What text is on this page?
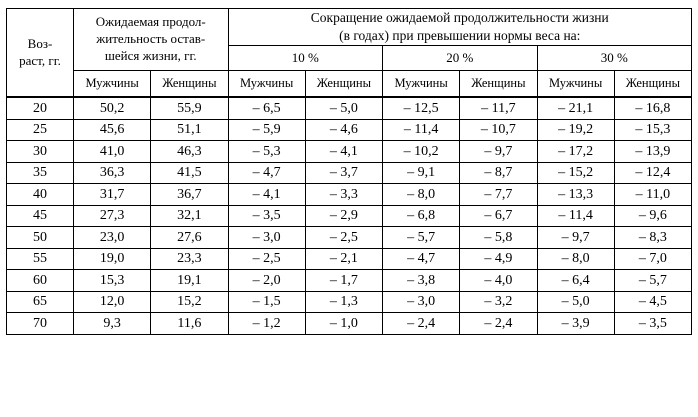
Воз-
раст, гг.	Ожидаемая продол-
жительность остав-
шейся жизни, гг.		Сокращение ожидаемой продолжительности жизни
(в годах) при превышении нормы веса на:					
			10 %		20 %		30 %	
	Мужчины	Женщины	Мужчины	Женщины	Мужчины	Женщины	Мужчины	Женщины
20	50,2	55,9	– 6,5	– 5,0	– 12,5	– 11,7	– 21,1	– 16,8
25	45,6	51,1	– 5,9	– 4,6	– 11,4	– 10,7	– 19,2	– 15,3
30	41,0	46,3	– 5,3	– 4,1	– 10,2	– 9,7	– 17,2	– 13,9
35	36,3	41,5	– 4,7	– 3,7	– 9,1	– 8,7	– 15,2	– 12,4
40	31,7	36,7	– 4,1	– 3,3	– 8,0	– 7,7	– 13,3	– 11,0
45	27,3	32,1	– 3,5	– 2,9	– 6,8	– 6,7	– 11,4	– 9,6
50	23,0	27,6	– 3,0	– 2,5	– 5,7	– 5,8	– 9,7	– 8,3
55	19,0	23,3	– 2,5	– 2,1	– 4,7	– 4,9	– 8,0	– 7,0
60	15,3	19,1	– 2,0	– 1,7	– 3,8	– 4,0	– 6,4	– 5,7
65	12,0	15,2	– 1,5	– 1,3	– 3,0	– 3,2	– 5,0	– 4,5
70	9,3	11,6	– 1,2	– 1,0	– 2,4	– 2,4	– 3,9	– 3,5
